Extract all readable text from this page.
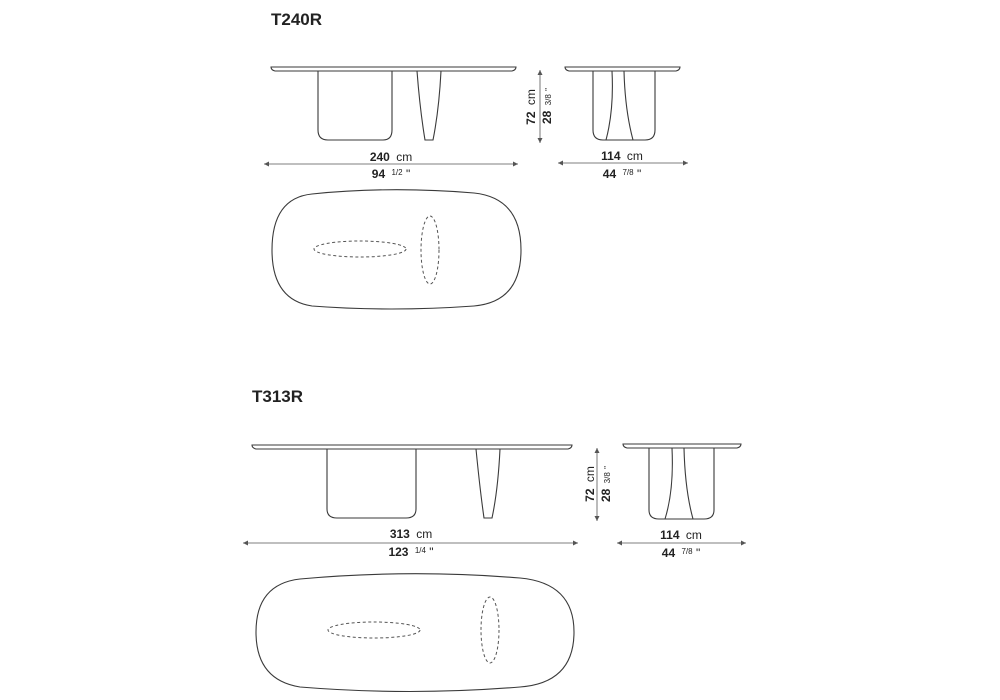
T240R
72 cm
28 3/8 "
240 cm
94 $^{1/2}$ "
114 cm
44 $^{7/8}$ "
T313R
72 cm
28 3/8 "
313 cm
123 $^{1/4}$ "
114 cm
44 $^{7/8}$ "
